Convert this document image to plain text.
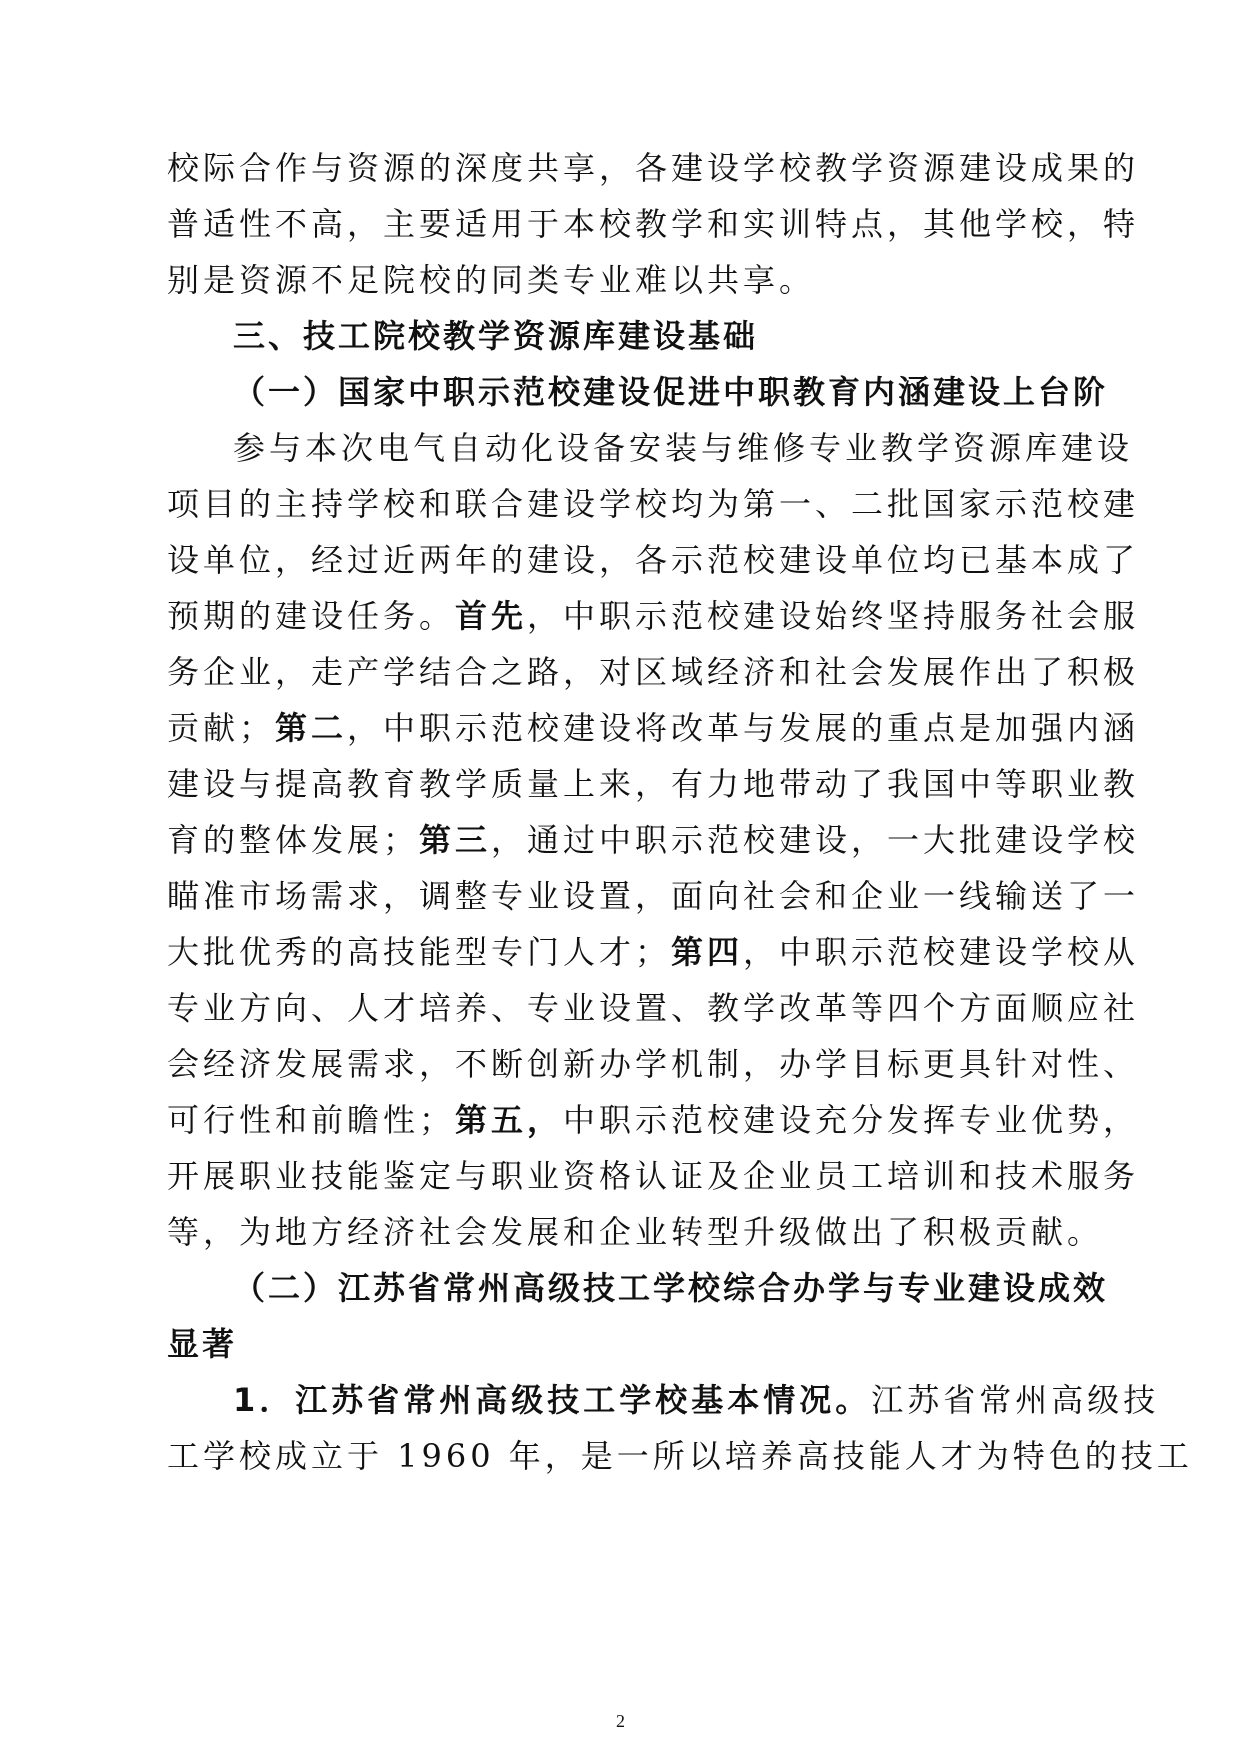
校际合作与资源的深度共享，各建设学校教学资源建设成果的
普适性不高，主要适用于本校教学和实训特点，其他学校，特
别是资源不足院校的同类专业难以共享。
三、技工院校教学资源库建设基础
（一）国家中职示范校建设促进中职教育内涵建设上台阶
参与本次电气自动化设备安装与维修专业教学资源库建设
项目的主持学校和联合建设学校均为第一、二批国家示范校建
设单位，经过近两年的建设，各示范校建设单位均已基本成了
预期的建设任务。首先，中职示范校建设始终坚持服务社会服
务企业，走产学结合之路，对区域经济和社会发展作出了积极
贡献；第二，中职示范校建设将改革与发展的重点是加强内涵
建设与提高教育教学质量上来，有力地带动了我国中等职业教
育的整体发展；第三，通过中职示范校建设，一大批建设学校
瞄准市场需求，调整专业设置，面向社会和企业一线输送了一
大批优秀的高技能型专门人才；第四，中职示范校建设学校从
专业方向、人才培养、专业设置、教学改革等四个方面顺应社
会经济发展需求，不断创新办学机制，办学目标更具针对性、
可行性和前瞻性；第五，中职示范校建设充分发挥专业优势，
开展职业技能鉴定与职业资格认证及企业员工培训和技术服务
等，为地方经济社会发展和企业转型升级做出了积极贡献。
（二）江苏省常州高级技工学校综合办学与专业建设成效
显著
1．江苏省常州高级技工学校基本情况。江苏省常州高级技
工学校成立于 1960 年，是一所以培养高技能人才为特色的技工
2
